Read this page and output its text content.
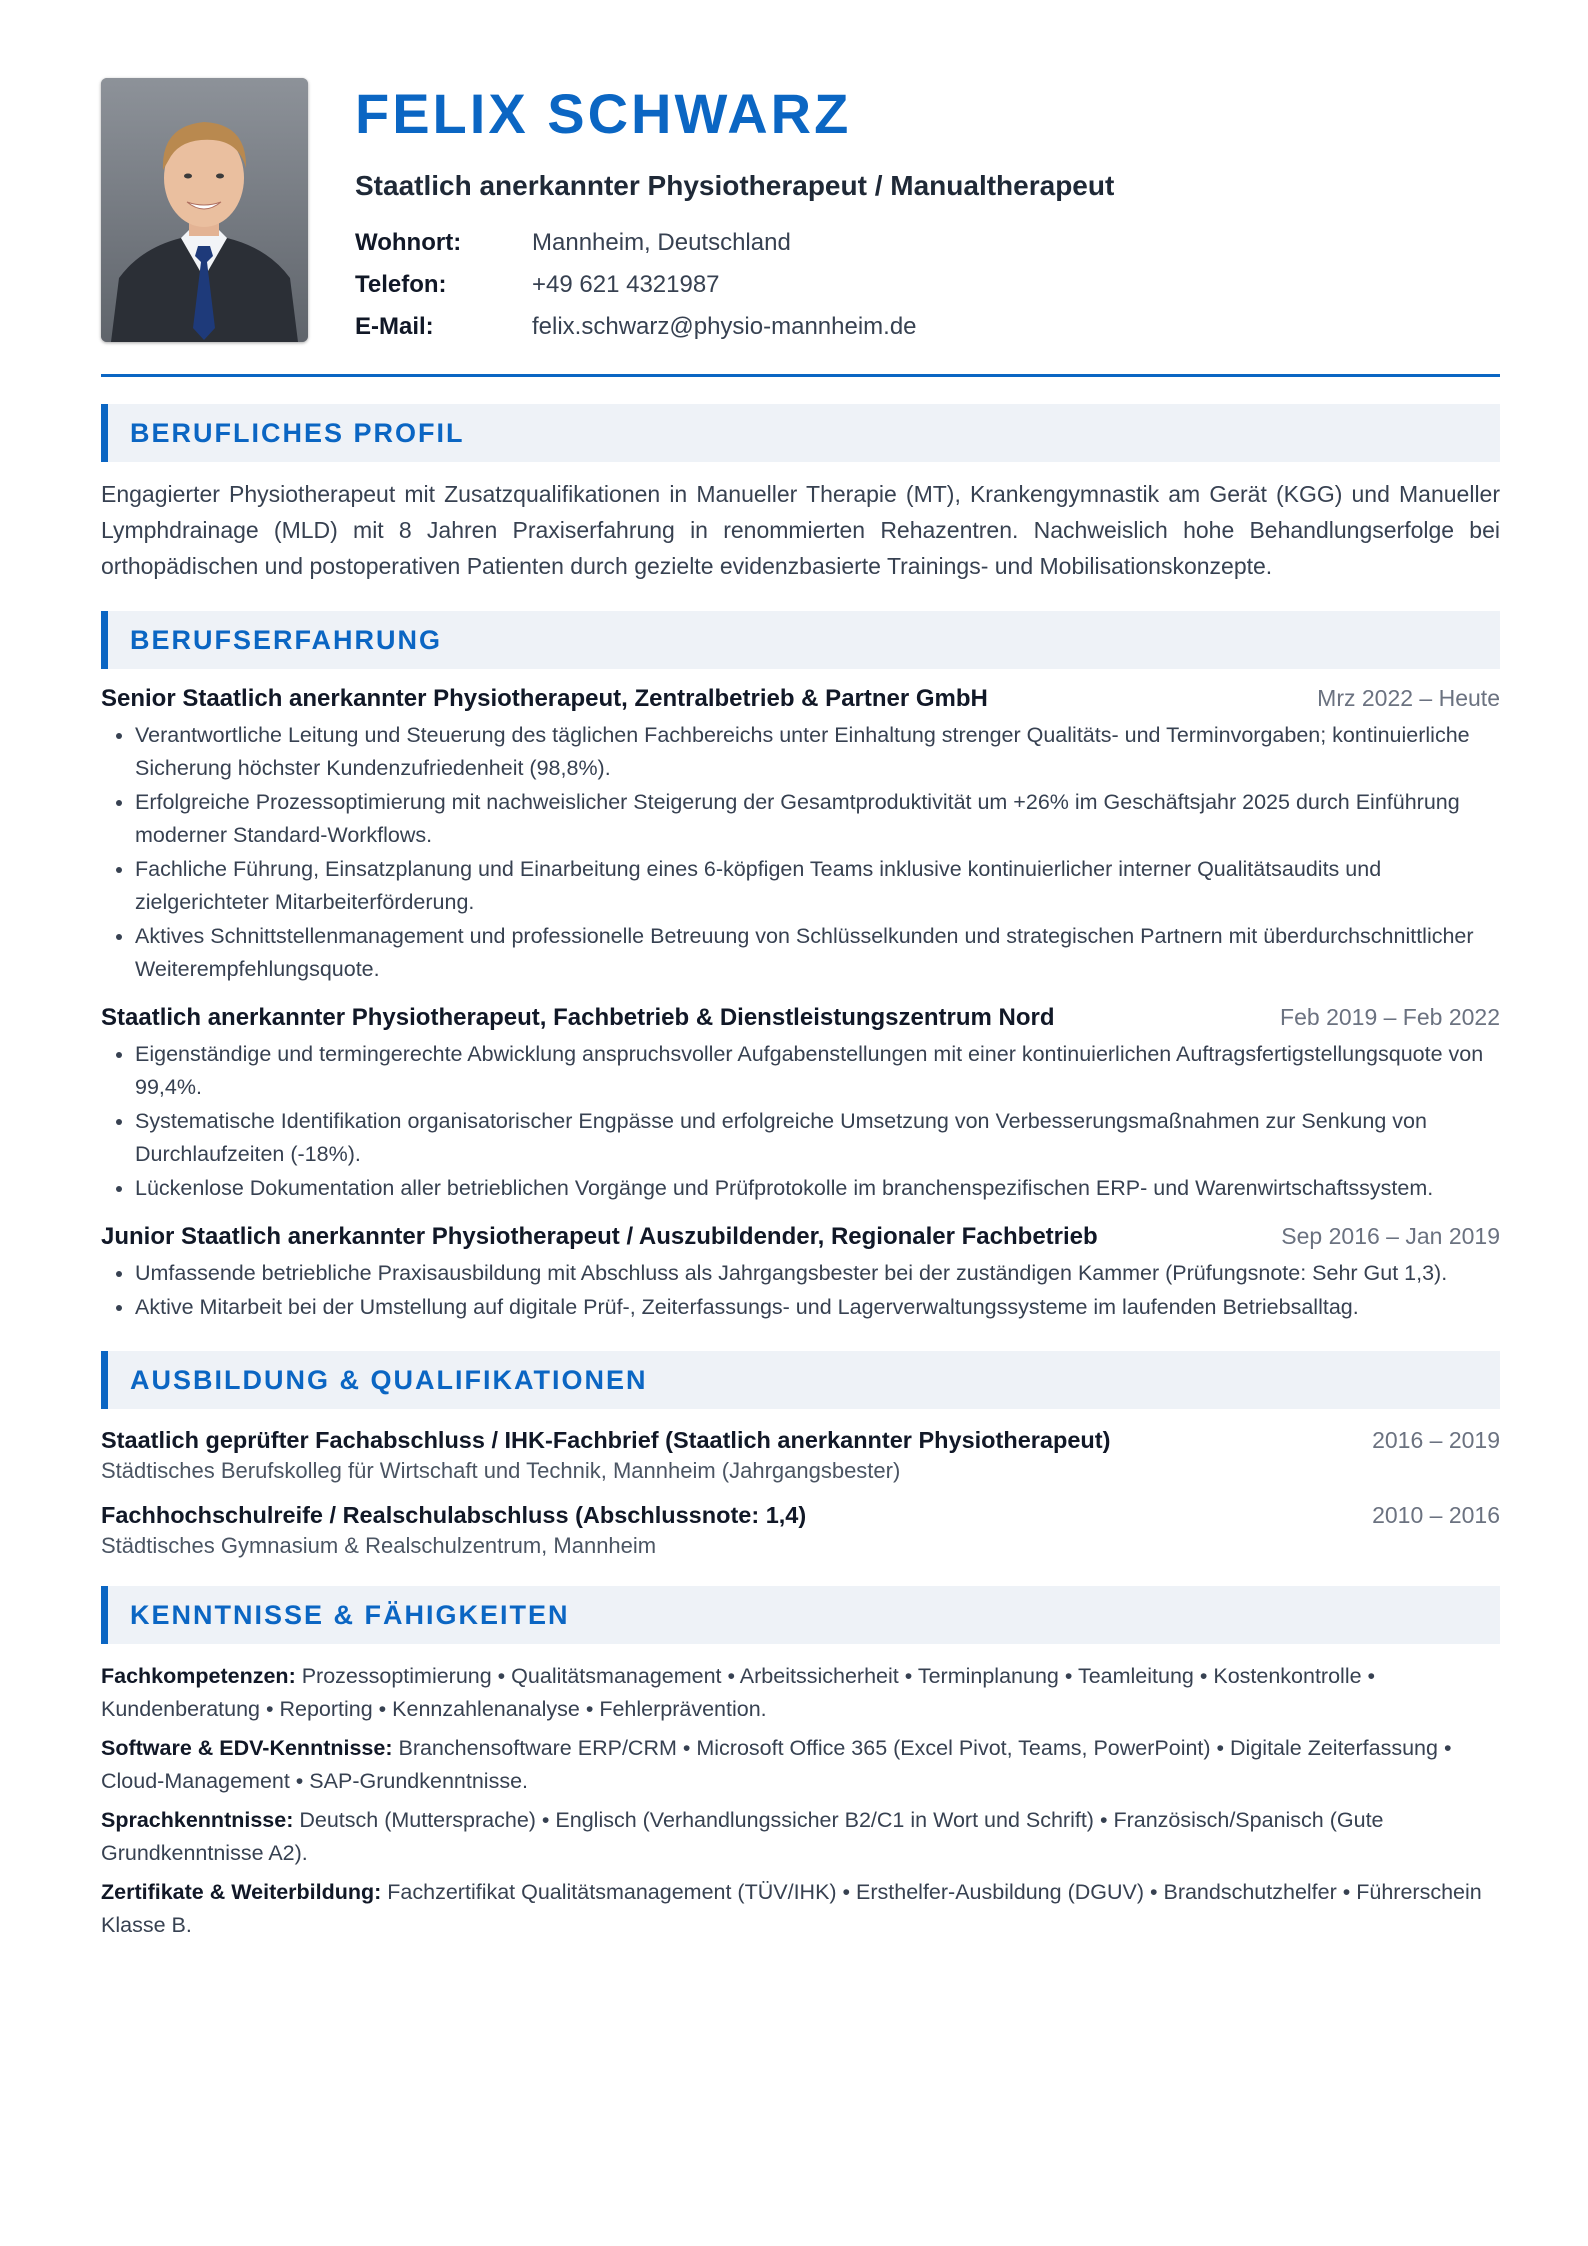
FELIX SCHWARZ
Staatlich anerkannter Physiotherapeut / Manualtherapeut
Wohnort:	Mannheim, Deutschland
Telefon:	+49 621 4321987
E-Mail:	felix.schwarz@physio-mannheim.de
BERUFLICHES PROFIL
Engagierter Physiotherapeut mit Zusatzqualifikationen in Manueller Therapie (MT), Krankengymnastik am Gerät (KGG) und Manueller Lymphdrainage (MLD) mit 8 Jahren Praxiserfahrung in renommierten Rehazentren. Nachweislich hohe Behandlungserfolge bei orthopädischen und postoperativen Patienten durch gezielte evidenzbasierte Trainings- und Mobilisationskonzepte.
BERUFSERFAHRUNG
Senior Staatlich anerkannter Physiotherapeut, Zentralbetrieb & Partner GmbH	Mrz 2022 – Heute
• Verantwortliche Leitung und Steuerung des täglichen Fachbereichs unter Einhaltung strenger Qualitäts- und Terminvorgaben; kontinuierliche Sicherung höchster Kundenzufriedenheit (98,8%).
• Erfolgreiche Prozessoptimierung mit nachweislicher Steigerung der Gesamtproduktivität um +26% im Geschäftsjahr 2025 durch Einführung moderner Standard-Workflows.
• Fachliche Führung, Einsatzplanung und Einarbeitung eines 6-köpfigen Teams inklusive kontinuierlicher interner Qualitätsaudits und zielgerichteter Mitarbeiterförderung.
• Aktives Schnittstellenmanagement und professionelle Betreuung von Schlüsselkunden und strategischen Partnern mit überdurchschnittlicher Weiterempfehlungsquote.
Staatlich anerkannter Physiotherapeut, Fachbetrieb & Dienstleistungszentrum Nord	Feb 2019 – Feb 2022
• Eigenständige und termingerechte Abwicklung anspruchsvoller Aufgabenstellungen mit einer kontinuierlichen Auftragsfertigstellungsquote von 99,4%.
• Systematische Identifikation organisatorischer Engpässe und erfolgreiche Umsetzung von Verbesserungsmaßnahmen zur Senkung von Durchlaufzeiten (-18%).
• Lückenlose Dokumentation aller betrieblichen Vorgänge und Prüfprotokolle im branchenspezifischen ERP- und Warenwirtschaftssystem.
Junior Staatlich anerkannter Physiotherapeut / Auszubildender, Regionaler Fachbetrieb	Sep 2016 – Jan 2019
• Umfassende betriebliche Praxisausbildung mit Abschluss als Jahrgangsbester bei der zuständigen Kammer (Prüfungsnote: Sehr Gut 1,3).
• Aktive Mitarbeit bei der Umstellung auf digitale Prüf-, Zeiterfassungs- und Lagerverwaltungssysteme im laufenden Betriebsalltag.
AUSBILDUNG & QUALIFIKATIONEN
Staatlich geprüfter Fachabschluss / IHK-Fachbrief (Staatlich anerkannter Physiotherapeut)	2016 – 2019
Städtisches Berufskolleg für Wirtschaft und Technik, Mannheim (Jahrgangsbester)
Fachhochschulreife / Realschulabschluss (Abschlussnote: 1,4)	2010 – 2016
Städtisches Gymnasium & Realschulzentrum, Mannheim
KENNTNISSE & FÄHIGKEITEN
Fachkompetenzen: Prozessoptimierung • Qualitätsmanagement • Arbeitssicherheit • Terminplanung • Teamleitung • Kostenkontrolle • Kundenberatung • Reporting • Kennzahlenanalyse • Fehlerprävention.
Software & EDV-Kenntnisse: Branchensoftware ERP/CRM • Microsoft Office 365 (Excel Pivot, Teams, PowerPoint) • Digitale Zeiterfassung • Cloud-Management • SAP-Grundkenntnisse.
Sprachkenntnisse: Deutsch (Muttersprache) • Englisch (Verhandlungssicher B2/C1 in Wort und Schrift) • Französisch/Spanisch (Gute Grundkenntnisse A2).
Zertifikate & Weiterbildung: Fachzertifikat Qualitätsmanagement (TÜV/IHK) • Ersthelfer-Ausbildung (DGUV) • Brandschutzhelfer • Führerschein Klasse B.
